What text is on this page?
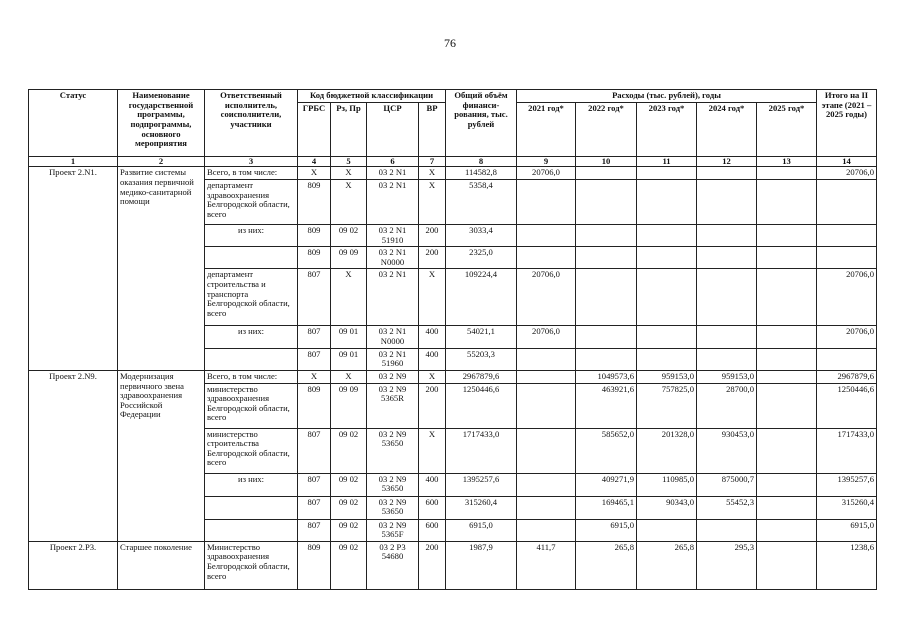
76
Статус	Наименование государственной программы, подпрограммы, основного мероприятия	Ответственный исполнитель, соисполнители, участники	Код бюджетной классификации				Общий объём финанси-рования, тыс. рублей	Расходы (тыс. рублей), годы					Итого на II этапе (2021 – 2025 годы)
			ГРБС	Рз, Пр	ЦСР	ВР		2021 год*	2022 год*	2023 год*	2024 год*	2025 год*	
1	2	3	4	5	6	7	8	9	10	11	12	13	14
Проект 2.N1.	Развитие системы оказания первичной медико-санитарной помощи	Всего, в том числе:	Х	Х	03 2 N1	Х	114582,8	20706,0					20706,0
		департамент здравоохранения Белгородской области, всего	809	Х	03 2 N1	Х	5358,4						
		из них:	809	09 02	03 2 N1 51910	200	3033,4						
			809	09 09	03 2 N1 N0000	200	2325,0						
		департамент строительства и транспорта Белгородской области, всего	807	Х	03 2 N1	Х	109224,4	20706,0					20706,0
		из них:	807	09 01	03 2 N1 N0000	400	54021,1	20706,0					20706,0
			807	09 01	03 2 N1 51960	400	55203,3						
Проект 2.N9.	Модернизация первичного звена здравоохранения Российской Федерации	Всего, в том числе:	Х	Х	03 2 N9	Х	2967879,6		1049573,6	959153,0	959153,0		2967879,6
		министерство здравоохранения Белгородской области, всего	809	09 09	03 2 N9 5365R	200	1250446,6		463921,6	757825,0	28700,0		1250446,6
		министерство строительства Белгородской области, всего	807	09 02	03 2 N9 53650	Х	1717433,0		585652,0	201328,0	930453,0		1717433,0
		из них:	807	09 02	03 2 N9 53650	400	1395257,6		409271,9	110985,0	875000,7		1395257,6
			807	09 02	03 2 N9 53650	600	315260,4		169465,1	90343,0	55452,3		315260,4
			807	09 02	03 2 N9 5365F	600	6915,0		6915,0				6915,0
Проект 2.Р3.	Старшее поколение	Министерство здравоохранения Белгородской области, всего	809	09 02	03 2 Р3 54680	200	1987,9	411,7	265,8	265,8	295,3		1238,6
